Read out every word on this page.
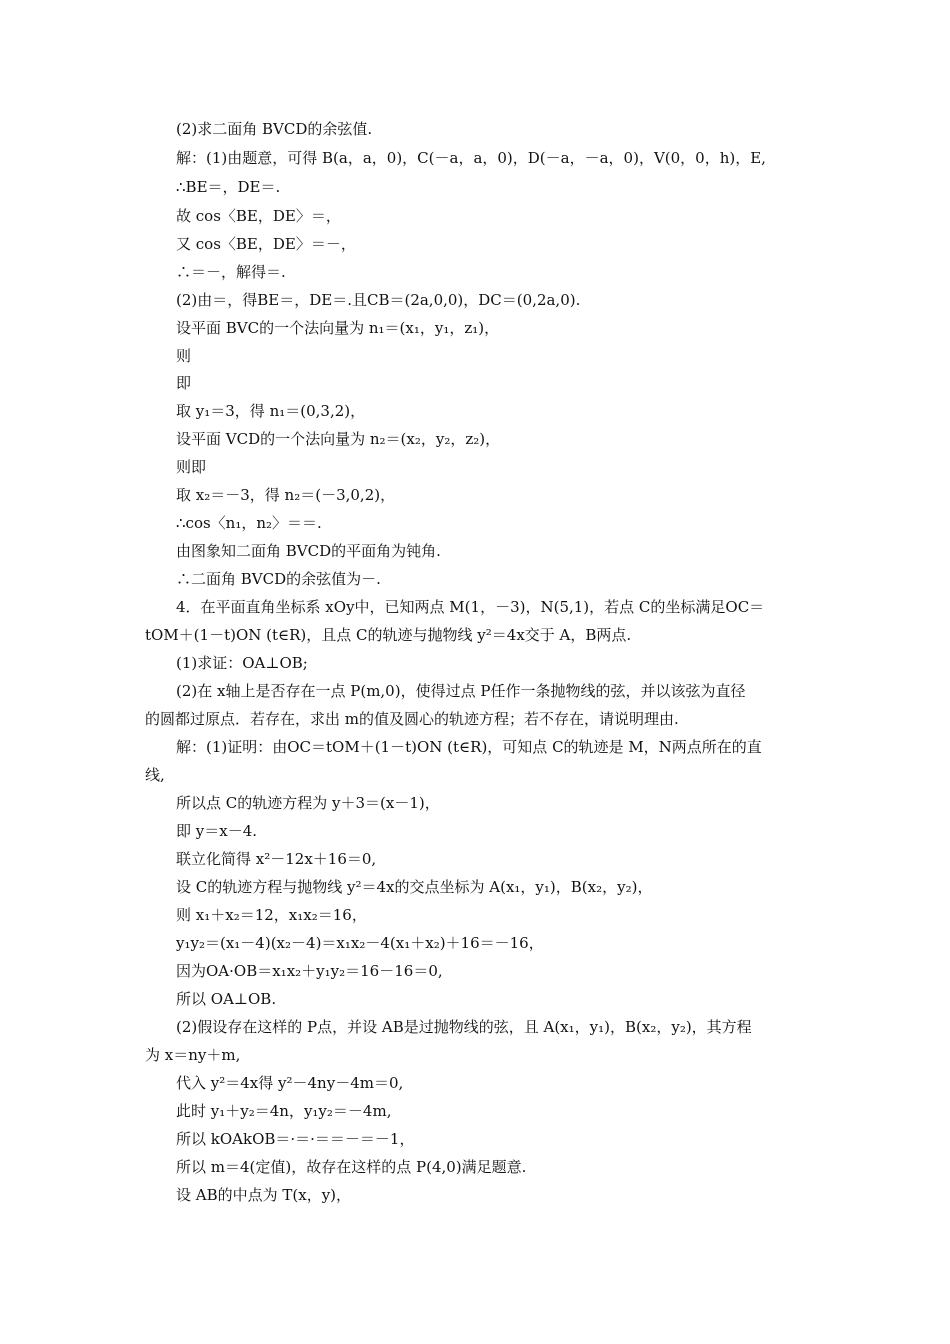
(2)求二面角 BVCD的余弦值.
解：(1)由题意，可得 B(a，a，0)，C(－a，a，0)，D(－a，－a，0)，V(0，0，h)，E,
∴BE＝，DE＝.
故 cos〈BE，DE〉＝，
又 cos〈BE，DE〉＝－，
∴＝－，解得＝.
(2)由＝，得BE＝，DE＝.且CB＝(2a,0,0)，DC＝(0,2a,0).
设平面 BVC的一个法向量为 n₁＝(x₁，y₁，z₁)，
则
即
取 y₁＝3，得 n₁＝(0,3,2)，
设平面 VCD的一个法向量为 n₂＝(x₂，y₂，z₂)，
则即
取 x₂＝－3，得 n₂＝(－3,0,2)，
∴cos〈n₁，n₂〉＝＝.
由图象知二面角 BVCD的平面角为钝角.
∴二面角 BVCD的余弦值为－.
4．在平面直角坐标系 xOy中，已知两点 M(1，－3)，N(5,1)，若点 C的坐标满足OC＝
tOM＋(1－t)ON (t∈R)，且点 C的轨迹与抛物线 y²＝4x交于 A，B两点.
(1)求证：OA⊥OB;
(2)在 x轴上是否存在一点 P(m,0)，使得过点 P任作一条抛物线的弦，并以该弦为直径
的圆都过原点．若存在，求出 m的值及圆心的轨迹方程；若不存在，请说明理由.
解：(1)证明：由OC＝tOM＋(1－t)ON (t∈R)，可知点 C的轨迹是 M，N两点所在的直
线,
所以点 C的轨迹方程为 y＋3＝(x－1)，
即 y＝x－4.
联立化简得 x²－12x＋16＝0,
设 C的轨迹方程与抛物线 y²＝4x的交点坐标为 A(x₁，y₁)，B(x₂，y₂)，
则 x₁＋x₂＝12，x₁x₂＝16，
y₁y₂＝(x₁－4)(x₂－4)＝x₁x₂－4(x₁＋x₂)＋16＝－16，
因为OA·OB＝x₁x₂＋y₁y₂＝16－16＝0,
所以 OA⊥OB.
(2)假设存在这样的 P点，并设 AB是过抛物线的弦，且 A(x₁，y₁)，B(x₂，y₂)，其方程
为 x＝ny＋m,
代入 y²＝4x得 y²－4ny－4m＝0,
此时 y₁＋y₂＝4n，y₁y₂＝－4m,
所以 kOAkOB＝·＝·＝＝－＝－1，
所以 m＝4(定值)，故存在这样的点 P(4,0)满足题意.
设 AB的中点为 T(x，y)，
